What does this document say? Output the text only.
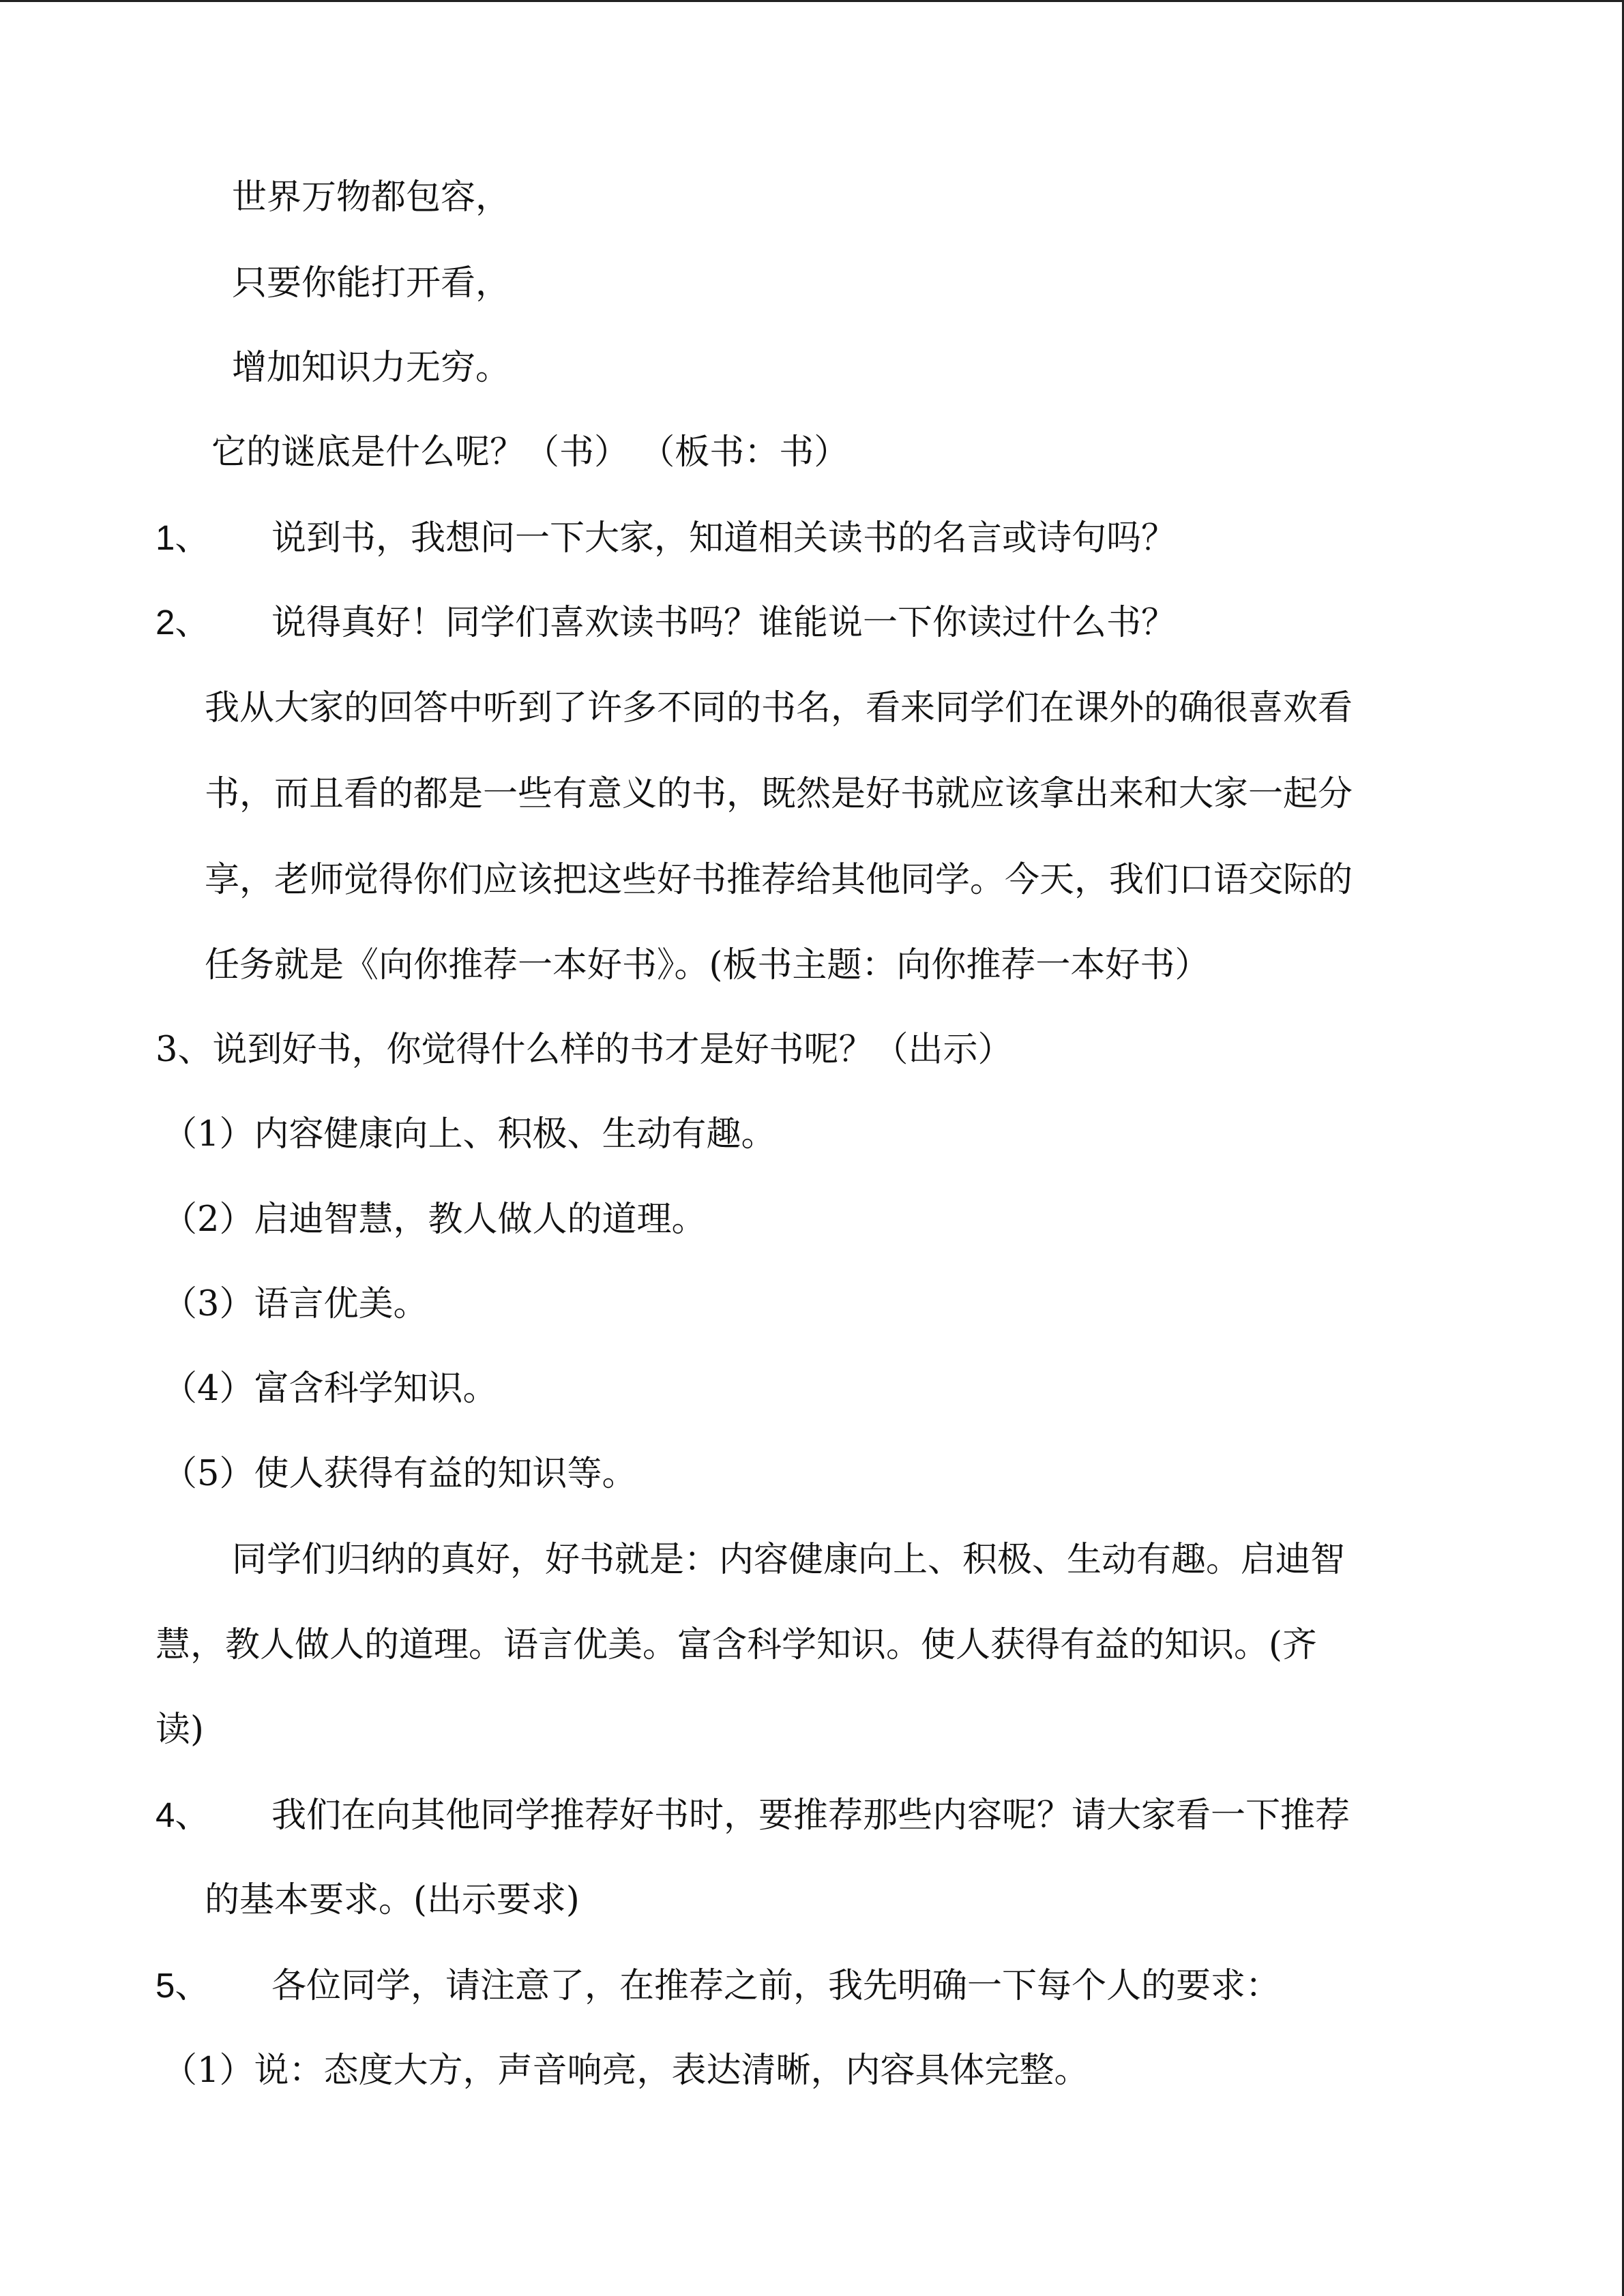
世界万物都包容，
只要你能打开看，
增加知识力无穷。
它的谜底是什么呢？（书） （板书：书）
1、 说到书，我想问一下大家，知道相关读书的名言或诗句吗？
2、 说得真好！同学们喜欢读书吗？谁能说一下你读过什么书？
我从大家的回答中听到了许多不同的书名，看来同学们在课外的确很喜欢看
书，而且看的都是一些有意义的书，既然是好书就应该拿出来和大家一起分
享，老师觉得你们应该把这些好书推荐给其他同学。今天，我们口语交际的
任务就是《向你推荐一本好书》。(板书主题：向你推荐一本好书）
3、说到好书，你觉得什么样的书才是好书呢？（出示）
（1）内容健康向上、积极、生动有趣。
（2）启迪智慧，教人做人的道理。
（3）语言优美。
（4）富含科学知识。
（5）使人获得有益的知识等。
同学们归纳的真好，好书就是：内容健康向上、积极、生动有趣。启迪智
慧，教人做人的道理。语言优美。富含科学知识。使人获得有益的知识。(齐
读)
4、 我们在向其他同学推荐好书时，要推荐那些内容呢？请大家看一下推荐
的基本要求。(出示要求)
5、 各位同学，请注意了，在推荐之前，我先明确一下每个人的要求：
（1）说：态度大方，声音响亮，表达清晰，内容具体完整。
